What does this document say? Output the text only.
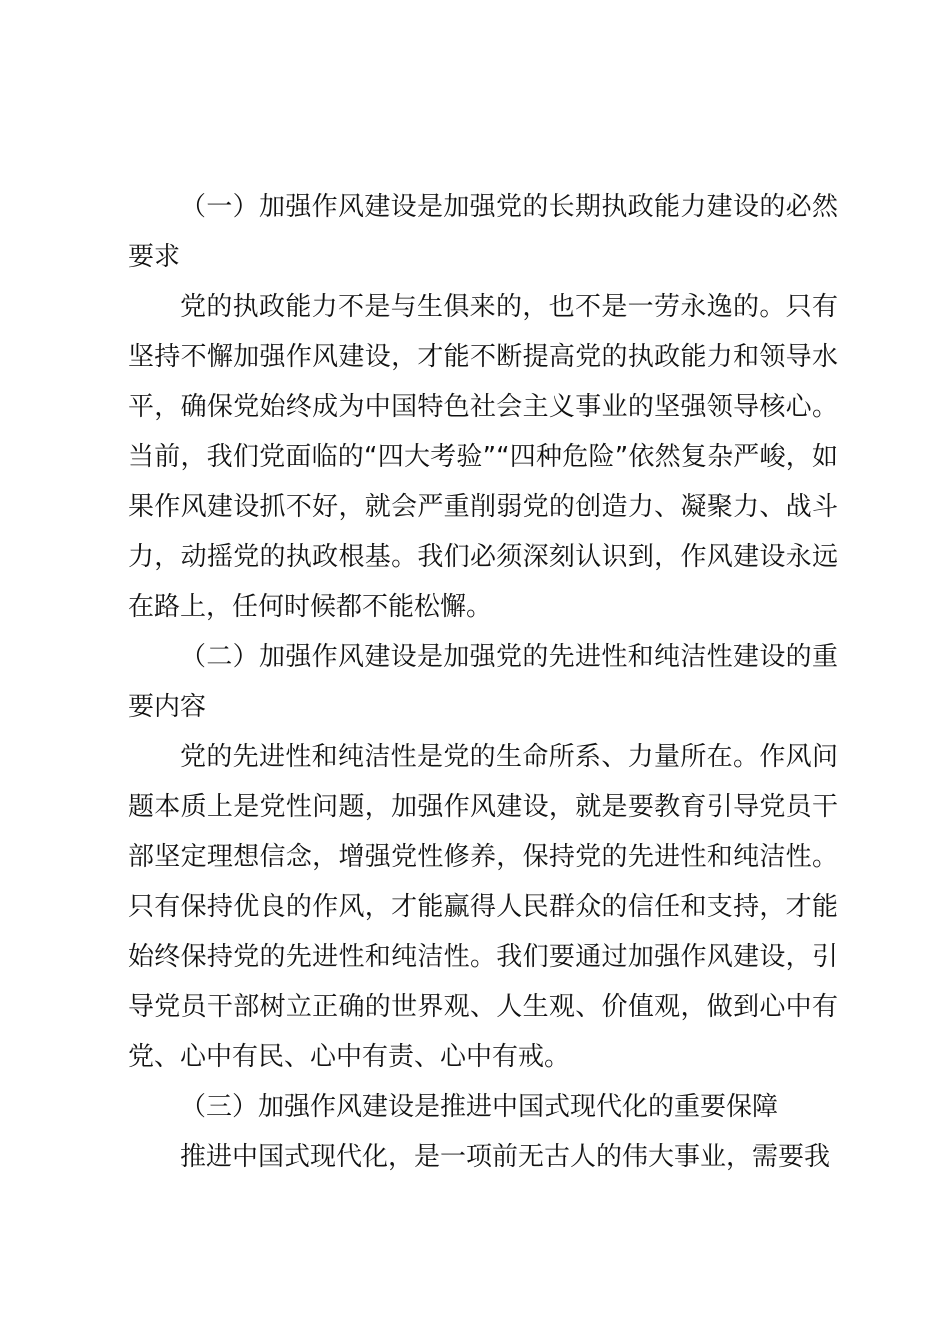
（一）加强作风建设是加强党的长期执政能力建设的必然要求

党的执政能力不是与生俱来的，也不是一劳永逸的。只有坚持不懈加强作风建设，才能不断提高党的执政能力和领导水平，确保党始终成为中国特色社会主义事业的坚强领导核心。当前，我们党面临的“四大考验”“四种危险”依然复杂严峻，如果作风建设抓不好，就会严重削弱党的创造力、凝聚力、战斗力，动摇党的执政根基。我们必须深刻认识到，作风建设永远在路上，任何时候都不能松懈。

（二）加强作风建设是加强党的先进性和纯洁性建设的重要内容

党的先进性和纯洁性是党的生命所系、力量所在。作风问题本质上是党性问题，加强作风建设，就是要教育引导党员干部坚定理想信念，增强党性修养，保持党的先进性和纯洁性。只有保持优良的作风，才能赢得人民群众的信任和支持，才能始终保持党的先进性和纯洁性。我们要通过加强作风建设，引导党员干部树立正确的世界观、人生观、价值观，做到心中有党、心中有民、心中有责、心中有戒。

（三）加强作风建设是推进中国式现代化的重要保障

推进中国式现代化，是一项前无古人的伟大事业，需要我
